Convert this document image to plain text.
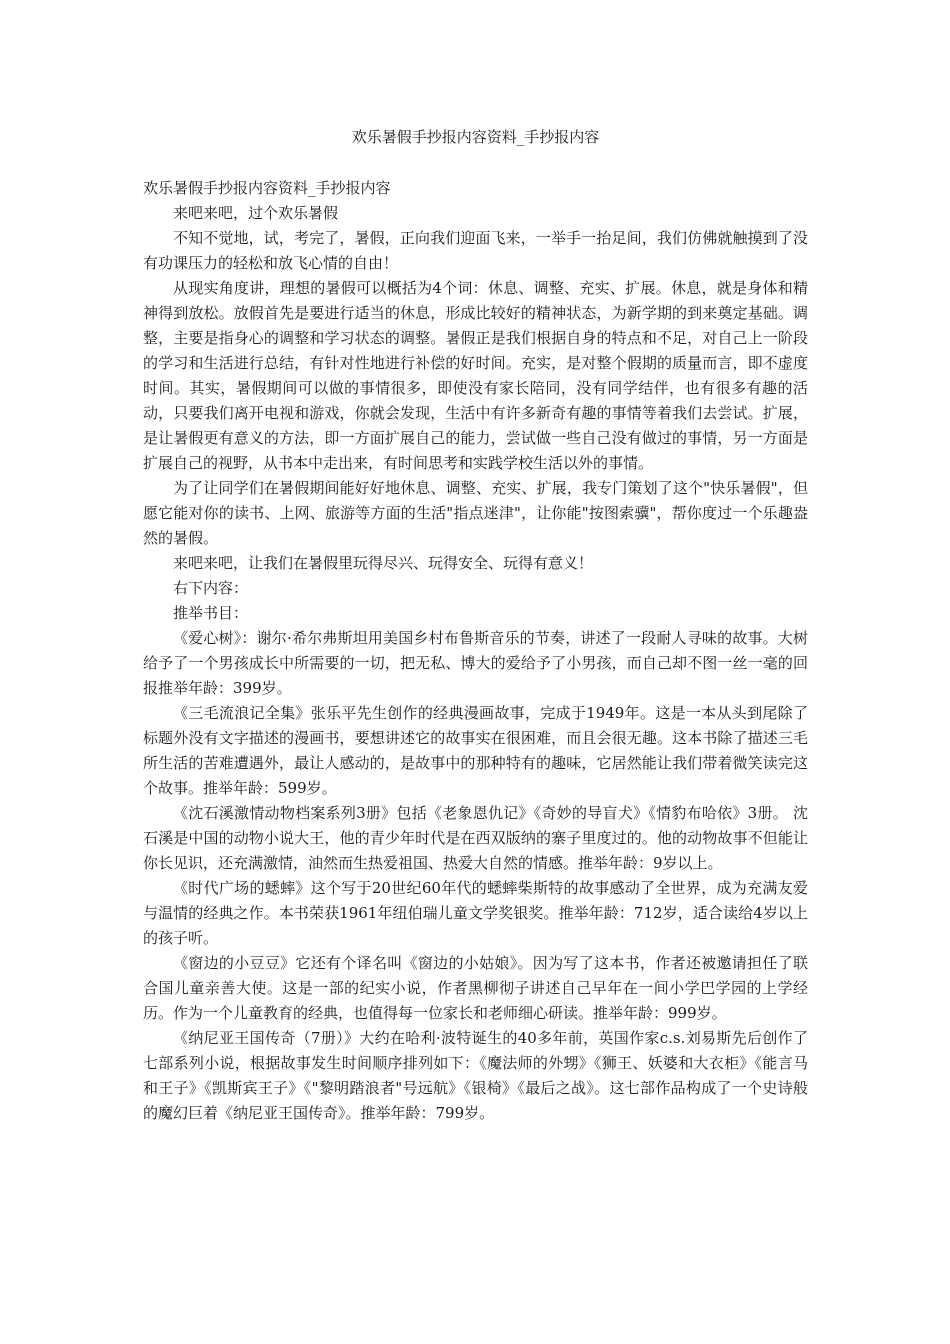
欢乐暑假手抄报内容资料_手抄报内容

欢乐暑假手抄报内容资料_手抄报内容

来吧来吧，过个欢乐暑假

不知不觉地，试，考完了，暑假，正向我们迎面飞来，一举手一抬足间，我们仿佛就触摸到了没有功课压力的轻松和放飞心情的自由！

从现实角度讲，理想的暑假可以概括为4个词：休息、调整、充实、扩展。休息，就是身体和精神得到放松。放假首先是要进行适当的休息，形成比较好的精神状态，为新学期的到来奠定基础。调整，主要是指身心的调整和学习状态的调整。暑假正是我们根据自身的特点和不足，对自己上一阶段的学习和生活进行总结，有针对性地进行补偿的好时间。充实，是对整个假期的质量而言，即不虚度时间。其实，暑假期间可以做的事情很多，即使没有家长陪同，没有同学结伴，也有很多有趣的活动，只要我们离开电视和游戏，你就会发现，生活中有许多新奇有趣的事情等着我们去尝试。扩展，是让暑假更有意义的方法，即一方面扩展自己的能力，尝试做一些自己没有做过的事情，另一方面是扩展自己的视野，从书本中走出来，有时间思考和实践学校生活以外的事情。

为了让同学们在暑假期间能好好地休息、调整、充实、扩展，我专门策划了这个"快乐暑假"，但愿它能对你的读书、上网、旅游等方面的生活"指点迷津"，让你能"按图索骥"，帮你度过一个乐趣盎然的暑假。

来吧来吧，让我们在暑假里玩得尽兴、玩得安全、玩得有意义！

右下内容：

推举书目：

《爱心树》：谢尔·希尔弗斯坦用美国乡村布鲁斯音乐的节奏，讲述了一段耐人寻味的故事。大树给予了一个男孩成长中所需要的一切，把无私、博大的爱给予了小男孩，而自己却不图一丝一毫的回报推举年龄：399岁。

《三毛流浪记全集》张乐平先生创作的经典漫画故事，完成于1949年。这是一本从头到尾除了标题外没有文字描述的漫画书，要想讲述它的故事实在很困难，而且会很无趣。这本书除了描述三毛所生活的苦难遭遇外，最让人感动的，是故事中的那种特有的趣味，它居然能让我们带着微笑读完这个故事。推举年龄：599岁。

《沈石溪激情动物档案系列3册》包括《老象恩仇记》《奇妙的导盲犬》《情豹布哈依》3册。 沈石溪是中国的动物小说大王，他的青少年时代是在西双版纳的寨子里度过的。他的动物故事不但能让你长见识，还充满激情，油然而生热爱祖国、热爱大自然的情感。推举年龄：9岁以上。

《时代广场的蟋蟀》这个写于20世纪60年代的蟋蟀柴斯特的故事感动了全世界，成为充满友爱与温情的经典之作。本书荣获1961年纽伯瑞儿童文学奖银奖。推举年龄：712岁，适合读给4岁以上的孩子听。

《窗边的小豆豆》它还有个译名叫《窗边的小姑娘》。因为写了这本书，作者还被邀请担任了联合国儿童亲善大使。这是一部的纪实小说，作者黑柳彻子讲述自己早年在一间小学巴学园的上学经历。作为一个儿童教育的经典，也值得每一位家长和老师细心研读。推举年龄：999岁。

《纳尼亚王国传奇（7册）》大约在哈利·波特诞生的40多年前，英国作家c.s.刘易斯先后创作了七部系列小说，根据故事发生时间顺序排列如下：《魔法师的外甥》《狮王、妖婆和大衣柜》《能言马和王子》《凯斯宾王子》《"黎明踏浪者"号远航》《银椅》《最后之战》。这七部作品构成了一个史诗般的魔幻巨着《纳尼亚王国传奇》。推举年龄：799岁。
